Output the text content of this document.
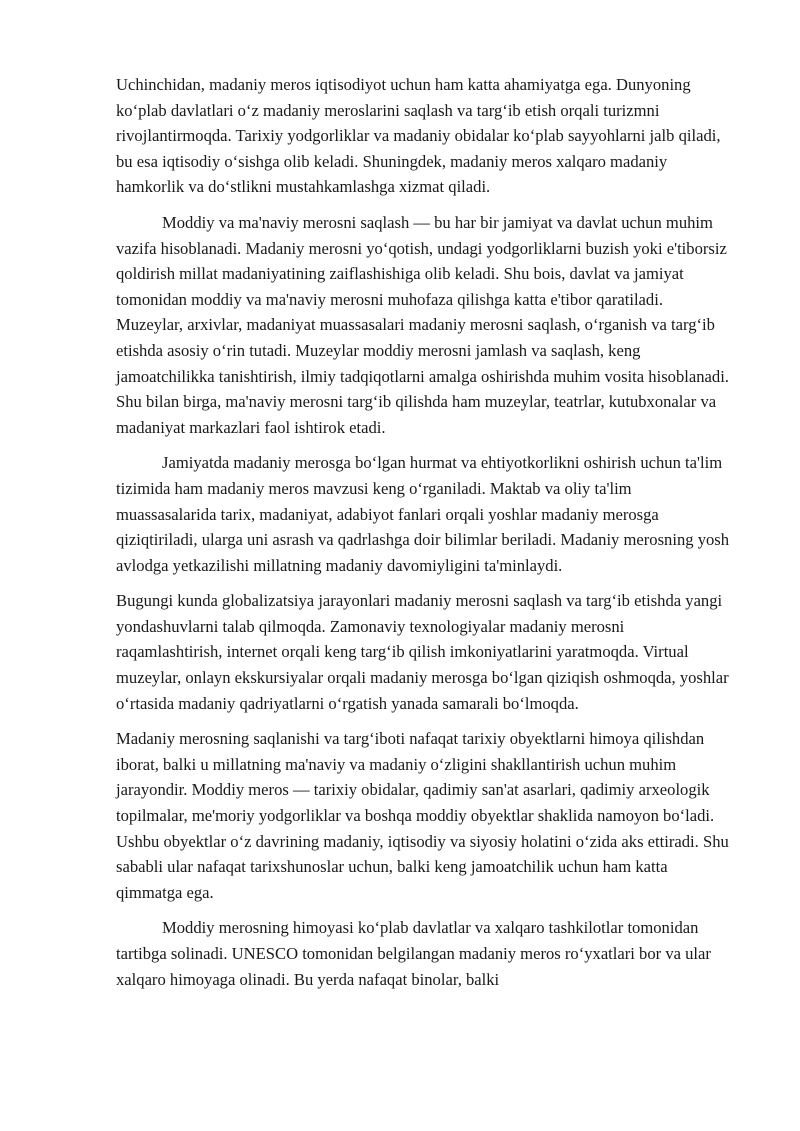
Uchinchidan, madaniy meros iqtisodiyot uchun ham katta ahamiyatga ega. Dunyoning koʻplab davlatlari oʻz madaniy meroslarini saqlash va targʻib etish orqali turizmni rivojlantirmoqda. Tarixiy yodgorliklar va madaniy obidalar koʻplab sayyohlarni jalb qiladi, bu esa iqtisodiy oʻsishga olib keladi. Shuningdek, madaniy meros xalqaro madaniy hamkorlik va doʻstlikni mustahkamlashga xizmat qiladi.

Moddiy va ma'naviy merosni saqlash — bu har bir jamiyat va davlat uchun muhim vazifa hisoblanadi. Madaniy merosni yoʻqotish, undagi yodgorliklarni buzish yoki e'tiborsiz qoldirish millat madaniyatining zaiflashishiga olib keladi. Shu bois, davlat va jamiyat tomonidan moddiy va ma'naviy merosni muhofaza qilishga katta e'tibor qaratiladi. Muzeylar, arxivlar, madaniyat muassasalari madaniy merosni saqlash, oʻrganish va targʻib etishda asosiy oʻrin tutadi. Muzeylar moddiy merosni jamlash va saqlash, keng jamoatchilikka tanishtirish, ilmiy tadqiqotlarni amalga oshirishda muhim vosita hisoblanadi. Shu bilan birga, ma'naviy merosni targʻib qilishda ham muzeylar, teatrlar, kutubxonalar va madaniyat markazlari faol ishtirok etadi.

Jamiyatda madaniy merosga boʻlgan hurmat va ehtiyotkorlikni oshirish uchun ta'lim tizimida ham madaniy meros mavzusi keng oʻrganiladi. Maktab va oliy ta'lim muassasalarida tarix, madaniyat, adabiyot fanlari orqali yoshlar madaniy merosga qiziqtiriladi, ularga uni asrash va qadrlashga doir bilimlar beriladi. Madaniy merosning yosh avlodga yetkazilishi millatning madaniy davomiyligini ta'minlaydi.

Bugungi kunda globalizatsiya jarayonlari madaniy merosni saqlash va targʻib etishda yangi yondashuvlarni talab qilmoqda. Zamonaviy texnologiyalar madaniy merosni raqamlashtirish, internet orqali keng targʻib qilish imkoniyatlarini yaratmoqda. Virtual muzeylar, onlayn ekskursiyalar orqali madaniy merosga boʻlgan qiziqish oshmoqda, yoshlar oʻrtasida madaniy qadriyatlarni oʻrgatish yanada samarali boʻlmoqda.

Madaniy merosning saqlanishi va targʻiboti nafaqat tarixiy obyektlarni himoya qilishdan iborat, balki u millatning ma'naviy va madaniy oʻzligini shakllantirish uchun muhim jarayondir. Moddiy meros — tarixiy obidalar, qadimiy san'at asarlari, qadimiy arxeologik topilmalar, me'moriy yodgorliklar va boshqa moddiy obyektlar shaklida namoyon boʻladi. Ushbu obyektlar oʻz davrining madaniy, iqtisodiy va siyosiy holatini oʻzida aks ettiradi. Shu sababli ular nafaqat tarixshunoslar uchun, balki keng jamoatchilik uchun ham katta qimmatga ega.

Moddiy merosning himoyasi koʻplab davlatlar va xalqaro tashkilotlar tomonidan tartibga solinadi. UNESCO tomonidan belgilangan madaniy meros roʻyxatlari bor va ular xalqaro himoyaga olinadi. Bu yerda nafaqat binolar, balki
